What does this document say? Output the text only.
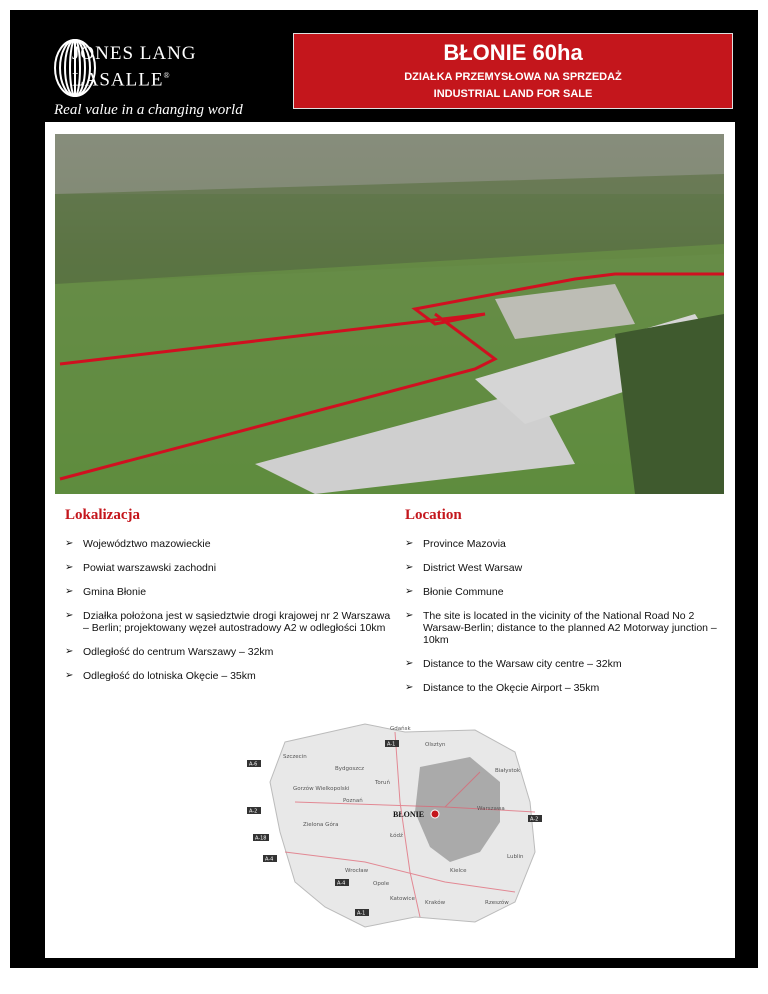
JONES LANG
LASALLE®
Real value in a changing world
BŁONIE 60ha
DZIAŁKA PRZEMYSŁOWA NA SPRZEDAŻ
INDUSTRIAL LAND FOR SALE
Lokalizacja
➢ Województwo mazowieckie
➢ Powiat warszawski zachodni
➢ Gmina Błonie
➢ Działka położona jest w sąsiedztwie drogi krajowej nr 2 Warszawa – Berlin; projektowany węzeł autostradowy A2 w odległości 10km
➢ Odległość do centrum Warszawy – 32km
➢ Odległość do lotniska Okęcie – 35km
Location
➢ Province Mazovia
➢ District West Warsaw
➢ Błonie Commune
➢ The site is located in the vicinity of the National Road No 2 Warsaw-Berlin; distance to the planned A2 Motorway junction – 10km
➢ Distance to the Warsaw city centre – 32km
➢ Distance to the Okęcie Airport – 35km
Gdańsk
Olsztyn
Szczecin
Bydgoszcz	Białystok
Gorzów Wielkopolski
Toruń
Poznań
Warszawa
Zielona Góra
Łódź
Wrocław
Lublin
Kielce
Opole
Katowice
Kraków	Rzeszów
A-1
A-6
A-2
A-18
A-4
A-2
A-4
A-1
BŁONIE
